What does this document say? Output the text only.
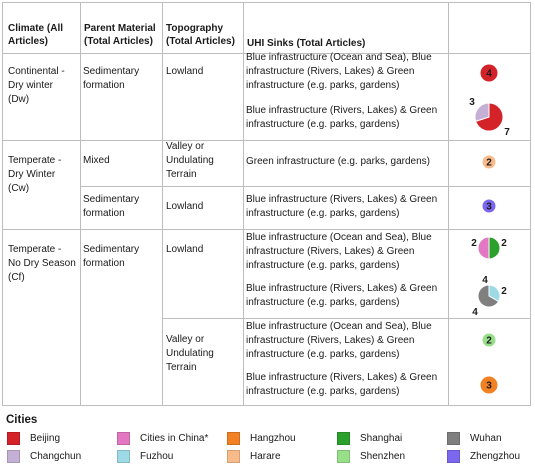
Climate (All Articles)
Parent Material (Total Articles)
Topography (Total Articles)	UHI Sinks (Total Articles)
Continental - Dry winter (Dw)
Temperate - Dry Winter (Cw)
Temperate - No Dry Season (Cf)
Sedimentary formation
Mixed
Sedimentary formation
Sedimentary formation
Lowland
Valley or Undulating Terrain
Lowland
Lowland
Valley or Undulating Terrain
Blue infrastructure (Ocean and Sea), Blue infrastructure (Rivers, Lakes) & Green infrastructure (e.g. parks, gardens)
Blue infrastructure (Rivers, Lakes) & Green infrastructure (e.g. parks, gardens)
Green infrastructure (e.g. parks, gardens)
Blue infrastructure (Rivers, Lakes) & Green infrastructure (e.g. parks, gardens)
Blue infrastructure (Ocean and Sea), Blue infrastructure (Rivers, Lakes) & Green infrastructure (e.g. parks, gardens)
Blue infrastructure (Rivers, Lakes) & Green infrastructure (e.g. parks, gardens)
Blue infrastructure (Ocean and Sea), Blue infrastructure (Rivers, Lakes) & Green infrastructure (e.g. parks, gardens)
Blue infrastructure (Rivers, Lakes) & Green infrastructure (e.g. parks, gardens)
4
3
7
2
3
2 2
4
2
4
2
3
Cities
Beijing
Changchun
Cities in China*
Fuzhou
Hangzhou
Harare
Shanghai
Shenzhen
Wuhan
Zhengzhou
